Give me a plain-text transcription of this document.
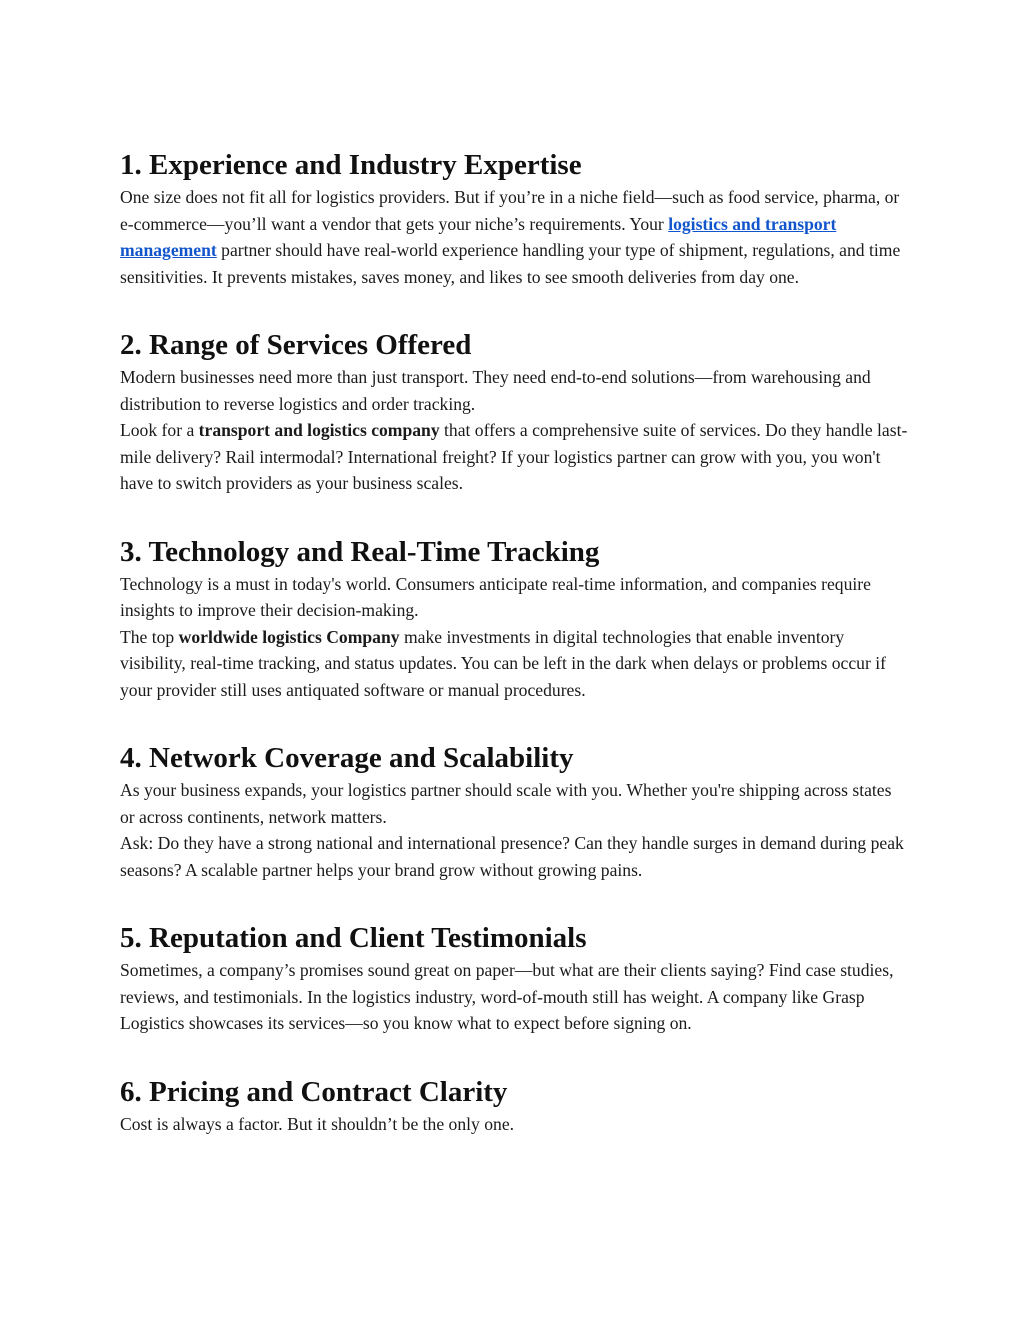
1. Experience and Industry Expertise

One size does not fit all for logistics providers. But if you’re in a niche field—such as food service, pharma, or e-commerce—you’ll want a vendor that gets your niche’s requirements. Your logistics and transport management partner should have real-world experience handling your type of shipment, regulations, and time sensitivities. It prevents mistakes, saves money, and likes to see smooth deliveries from day one.

2. Range of Services Offered

Modern businesses need more than just transport. They need end-to-end solutions—from warehousing and distribution to reverse logistics and order tracking.

Look for a transport and logistics company that offers a comprehensive suite of services. Do they handle last-mile delivery? Rail intermodal? International freight? If your logistics partner can grow with you, you won't have to switch providers as your business scales.

3. Technology and Real-Time Tracking

Technology is a must in today's world. Consumers anticipate real-time information, and companies require insights to improve their decision-making.

The top worldwide logistics Company make investments in digital technologies that enable inventory visibility, real-time tracking, and status updates. You can be left in the dark when delays or problems occur if your provider still uses antiquated software or manual procedures.

4. Network Coverage and Scalability

As your business expands, your logistics partner should scale with you. Whether you're shipping across states or across continents, network matters.

Ask: Do they have a strong national and international presence? Can they handle surges in demand during peak seasons? A scalable partner helps your brand grow without growing pains.

5. Reputation and Client Testimonials

Sometimes, a company’s promises sound great on paper—but what are their clients saying? Find case studies, reviews, and testimonials. In the logistics industry, word-of-mouth still has weight. A company like Grasp Logistics showcases its services—so you know what to expect before signing on.

6. Pricing and Contract Clarity

Cost is always a factor. But it shouldn’t be the only one.
